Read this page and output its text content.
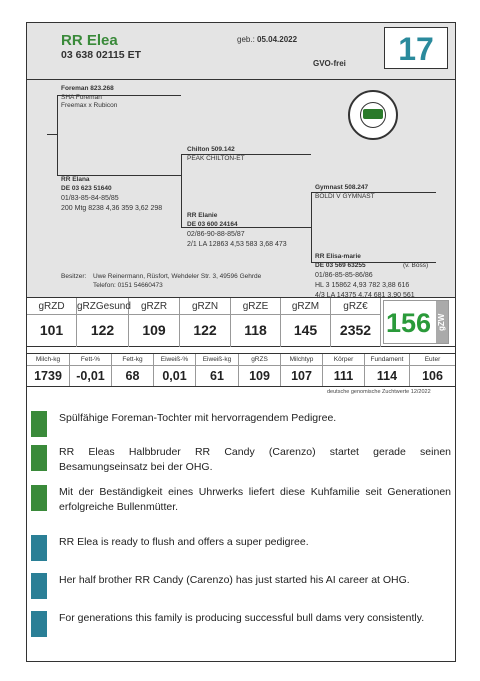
RR Elea
03 638 02115 ET
geb.: 05.04.2022
GVO-frei	17
Foreman 823.268
SHA Foreman
Freemax x Rubicon
RR Elana
DE 03 623 51640
01/83-85-84-85/85
200 Mtg 8238 4,36 359 3,62 298
Chilton 509.142
PEAK CHILTON-ET
RR Elanie
DE 03 600 24164
02/86-90-88-85/87
2/1 LA 12863 4,53 583 3,68 473
Gymnast 508.247
BOLDI V GYMNAST
RR Elisa-marie
DE 03 569 63255	(v. Boss)
01/86-85-85-86/86
HL 3 15862 4,93 782 3,88 616
4/3 LA 14375 4,74 681 3,90 561
Besitzer: Uwe Reinermann, Rüsfort, Wehdeler Str. 3, 49596 Gehrde
Telefon: 0151 54660473
gRZD
101
gRZGesund
122
gRZR
109
gRZN
122
gRZE
118
gRZM
145
gRZ€
2352 156 gZW
Milch-kg
1739
Fett-%
-0,01
Fett-kg
68
Eiweiß-%
0,01
Eiweiß-kg
61
gRZS
109
Milchtyp
107
Körper
111
Fundament
114
Euter
106
deutsche genomische Zuchtwerte 12/2022
Spülfähige Foreman-Tochter mit hervorragendem Pedigree.
RR Eleas Halbbruder RR Candy (Carenzo) startet gerade seinen Besamungseinsatz bei der OHG.
Mit der Beständigkeit eines Uhrwerks liefert diese Kuhfamilie seit Generationen erfolgreiche Bullenmütter.
RR Elea is ready to flush and offers a super pedigree.
Her half brother RR Candy (Carenzo) has just started his AI career at OHG.
For generations this family is producing successful bull dams very consistently.
